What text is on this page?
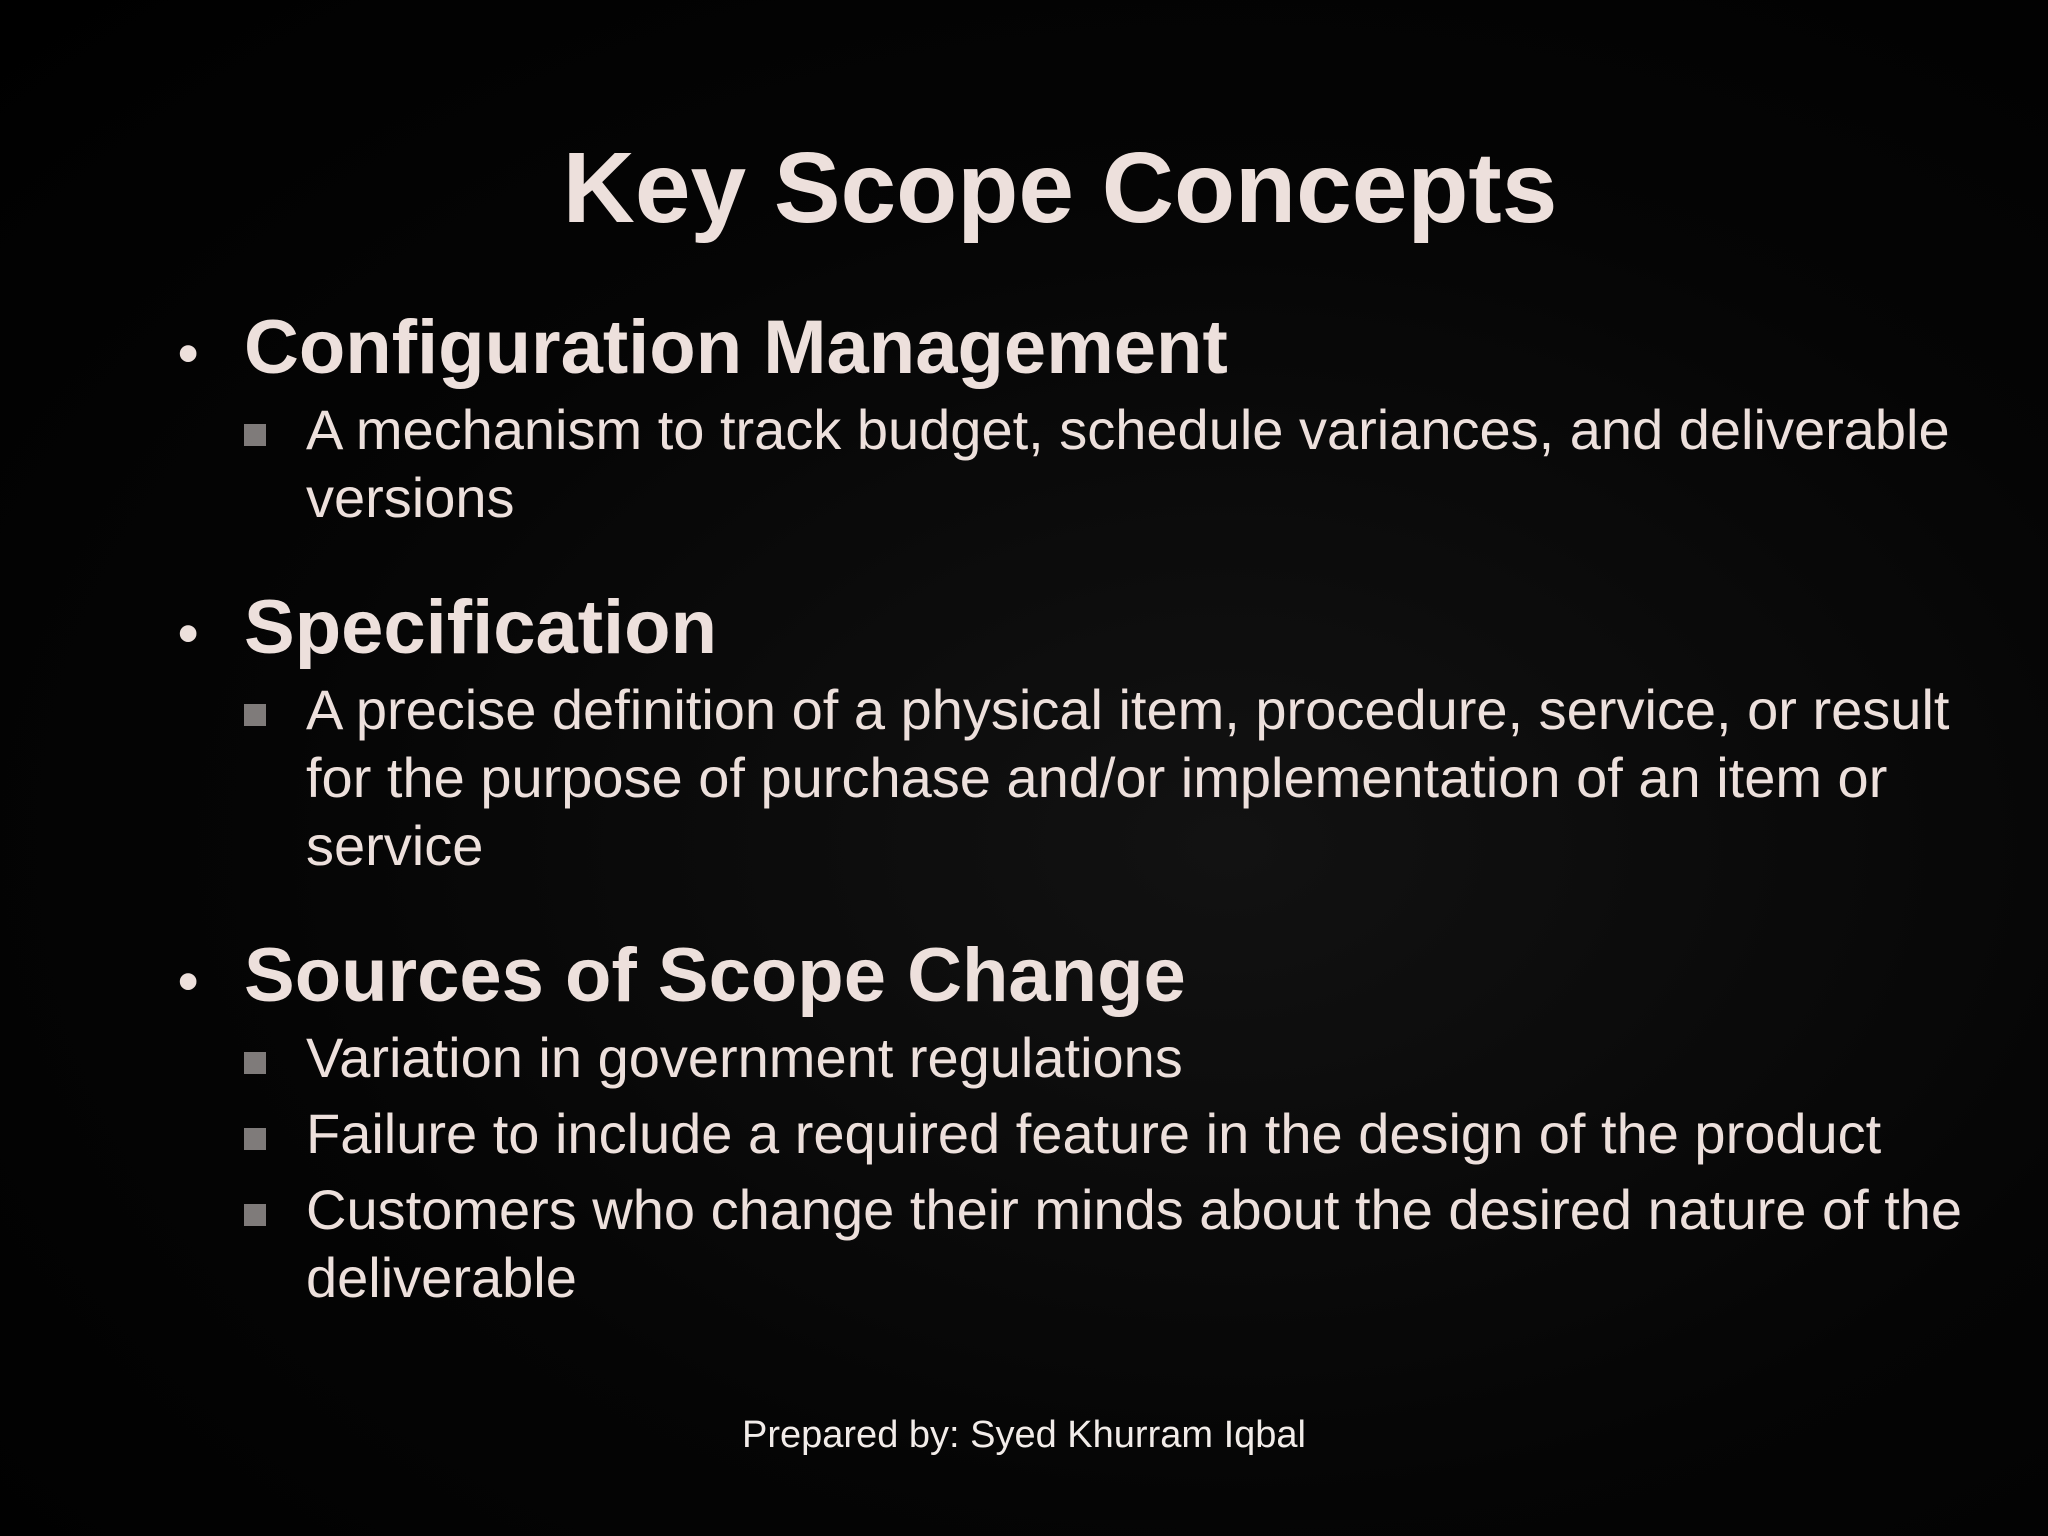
Key Scope Concepts
• Configuration Management
A mechanism to track budget, schedule variances, and deliverable versions
• Specification
A precise definition of a physical item, procedure, service, or result for the purpose of purchase and/or implementation of an item or service
• Sources of Scope Change
Variation in government regulations
Failure to include a required feature in the design of the product
Customers who change their minds about the desired nature of the deliverable
Prepared by: Syed Khurram Iqbal
